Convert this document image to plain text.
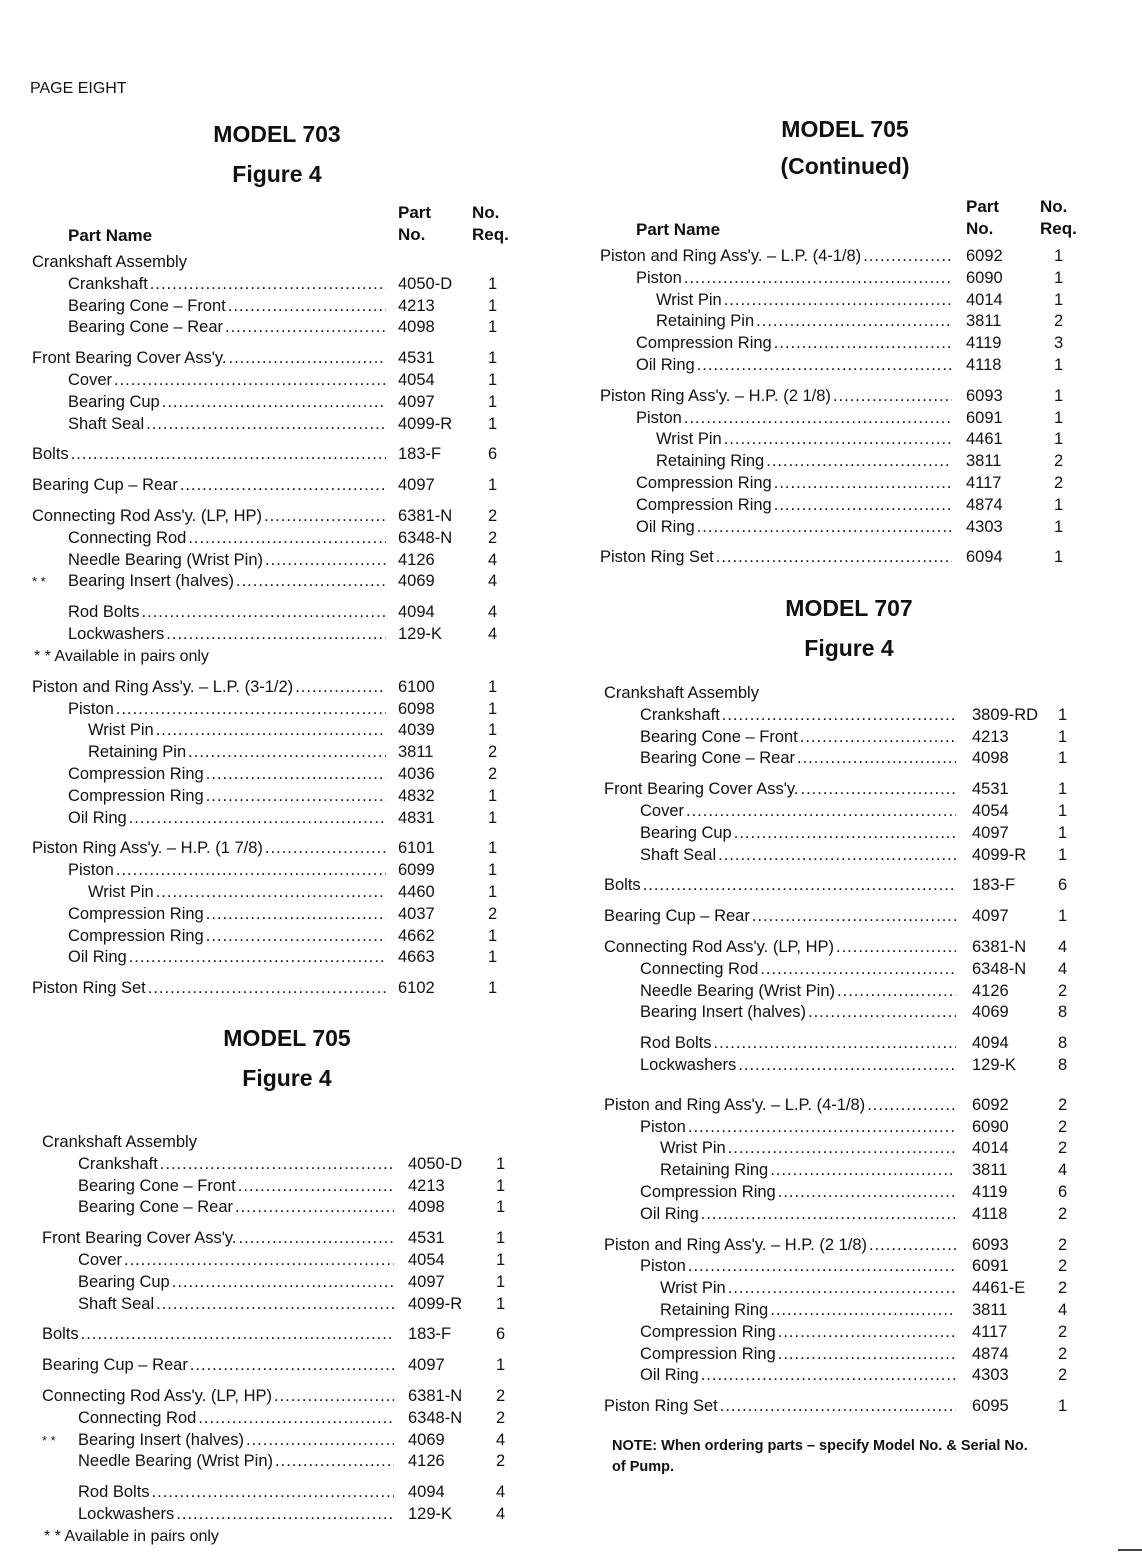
PAGE EIGHT
MODEL 703
Figure 4
Part Name
Part
No.
No.
Req.
Crankshaft Assembly
Crankshaft .....	4050-D 1
Bearing Cone – Front .....	4213	1
Bearing Cone – Rear .....	4098	1
Front Bearing Cover Ass'y. .....	4531	1
Cover .....	4054	1
Bearing Cup .....	4097	1
Shaft Seal .....	4099-R 1
Bolts .....	183-F	6
Bearing Cup – Rear .....	4097	1
Connecting Rod Ass'y. (LP, HP) .....	6381-N 2
Connecting Rod .....	6348-N 2
Needle Bearing (Wrist Pin) .....	4126	4
* * Bearing Insert (halves) .....	4069	4
Rod Bolts .....	4094	4
Lockwashers .....	129-K	4
* * Available in pairs only
Piston and Ring Ass'y. – L.P. (3-1/2) .....	6100	1
Piston .....	6098	1
Wrist Pin .....	4039	1
Retaining Pin .....	3811	2
Compression Ring .....	4036	2
Compression Ring .....	4832	1
Oil Ring .....	4831	1
Piston Ring Ass'y. – H.P. (1 7/8) .....	6101	1
Piston .....	6099	1
Wrist Pin .....	4460	1
Compression Ring .....	4037	2
Compression Ring .....	4662	1
Oil Ring .....	4663	1
Piston Ring Set .....	6102	1
MODEL 705
Figure 4
Crankshaft Assembly
Crankshaft .....	4050-D 1
Bearing Cone – Front .....	4213	1
Bearing Cone – Rear .....	4098	1
Front Bearing Cover Ass'y. .....	4531	1
Cover .....	4054	1
Bearing Cup .....	4097	1
Shaft Seal .....	4099-R 1
Bolts .....	183-F	6
Bearing Cup – Rear .....	4097	1
Connecting Rod Ass'y. (LP, HP) .....	6381-N 2
Connecting Rod .....	6348-N 2
* * Bearing Insert (halves) .....	4069	4
Needle Bearing (Wrist Pin) .....	4126	2
Rod Bolts .....	4094	4
Lockwashers .....	129-K	4
* * Available in pairs only
MODEL 705
(Continued)
Part Name
Part
No.
No.
Req.
Piston and Ring Ass'y. – L.P. (4-1/8) .....	6092	1
Piston .....	6090	1
Wrist Pin .....	4014	1
Retaining Pin .....	3811	2
Compression Ring .....	4119	3
Oil Ring .....	4118	1
Piston Ring Ass'y. – H.P. (2 1/8) .....	6093	1
Piston .....	6091	1
Wrist Pin .....	4461	1
Retaining Ring .....	3811	2
Compression Ring .....	4117	2
Compression Ring .....	4874	1
Oil Ring .....	4303	1
Piston Ring Set .....	6094	1
MODEL 707
Figure 4
Crankshaft Assembly
Crankshaft .....	3809-RD 1
Bearing Cone – Front .....	4213	1
Bearing Cone – Rear .....	4098	1
Front Bearing Cover Ass'y. .....	4531	1
Cover .....	4054	1
Bearing Cup .....	4097	1
Shaft Seal .....	4099-R 1
Bolts .....	183-F	6
Bearing Cup – Rear .....	4097	1
Connecting Rod Ass'y. (LP, HP) .....	6381-N 4
Connecting Rod .....	6348-N 4
Needle Bearing (Wrist Pin) .....	4126	2
Bearing Insert (halves) .....	4069	8
Rod Bolts .....	4094	8
Lockwashers .....	129-K	8
Piston and Ring Ass'y. – L.P. (4-1/8) .....	6092	2
Piston .....	6090	2
Wrist Pin .....	4014	2
Retaining Ring .....	3811	4
Compression Ring .....	4119	6
Oil Ring .....	4118	2
Piston and Ring Ass'y. – H.P. (2 1/8) .....	6093	2
Piston .....	6091	2
Wrist Pin .....	4461-E 2
Retaining Ring .....	3811	4
Compression Ring .....	4117	2
Compression Ring .....	4874	2
Oil Ring .....	4303	2
Piston Ring Set .....	6095	1
NOTE: When ordering parts – specify Model No. & Serial No.
of Pump.
